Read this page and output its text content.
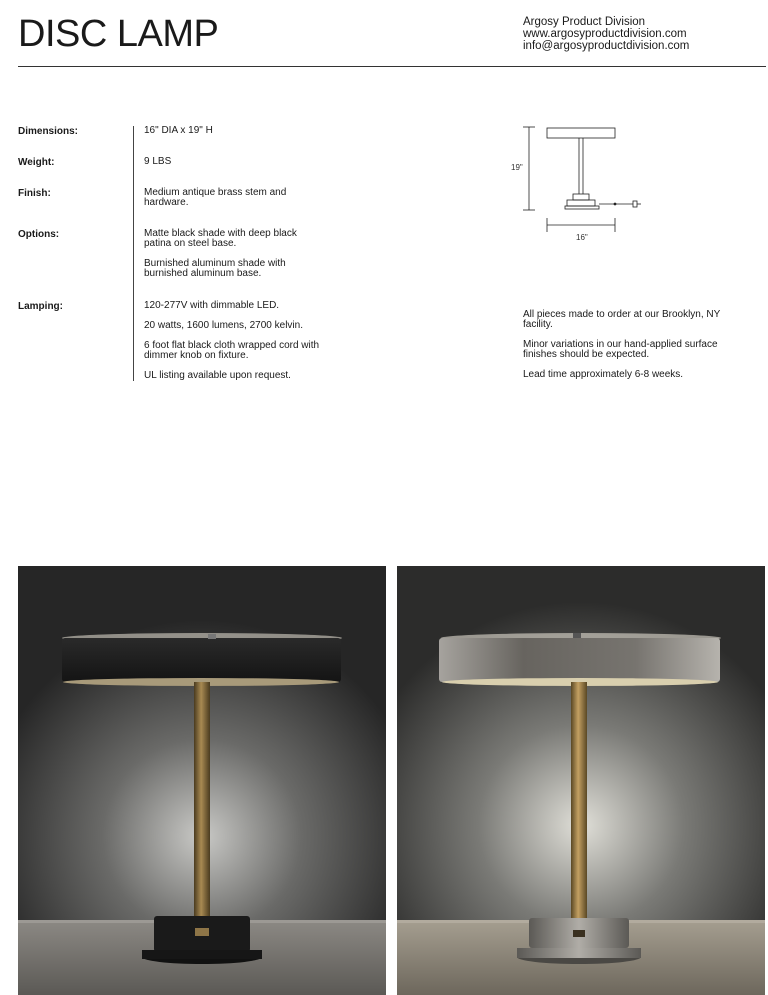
DISC LAMP	Argosy Product Division
www.argosyproductdivision.com
info@argosyproductdivision.com
Dimensions:	16" DIA x 19" H

Weight:	9 LBS

Finish:	Medium antique brass stem and hardware.

Options:	Matte black shade with deep black patina on steel base.

Burnished aluminum shade with burnished aluminum base.

Lamping:	120-277V with dimmable LED.

20 watts, 1600 lumens, 2700 kelvin.

6 foot flat black cloth wrapped cord with dimmer knob on fixture.

UL listing available upon request.

All pieces made to order at our Brooklyn, NY facility.

Minor variations in our hand-applied surface finishes should be expected.

Lead time approximately 6-8 weeks.

19"
16"
